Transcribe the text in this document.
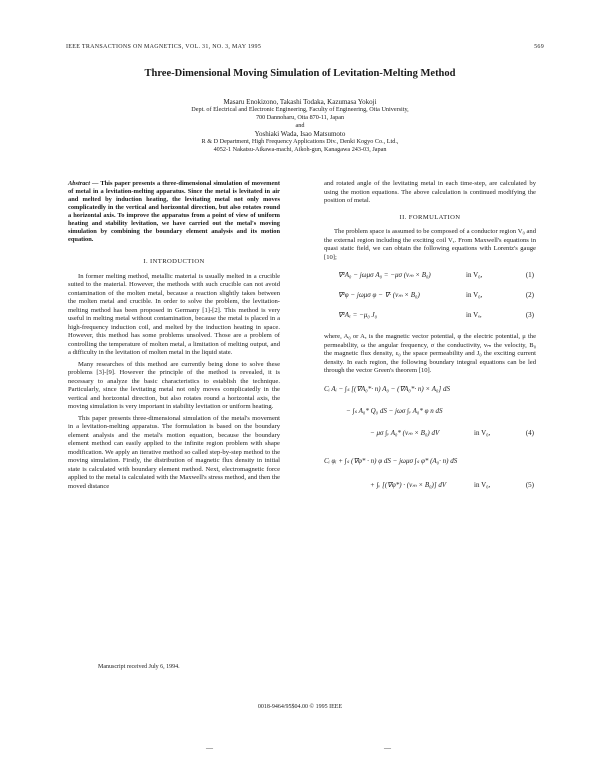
IEEE TRANSACTIONS ON MAGNETICS, VOL. 31, NO. 3, MAY 1995	569
Three-Dimensional Moving Simulation of Levitation-Melting Method
Masaru Enokizono, Takashi Todaka, Kazumasa Yokoji
Dept. of Electrical and Electronic Engineering, Faculty of Engineering, Oita University,
700 Dannoharu, Oita 870-11, Japan
and
Yoshiaki Wada, Isao Matsumoto
R & D Department, High Frequency Applications Div., Denki Kogyo Co., Ltd.,
4052-1 Nakatsu-Aikawa-machi, Aikoh-gun, Kanagawa 243-03, Japan
Abstract — This paper presents a three-dimensional simulation of movement of metal in a levitation-melting apparatus. Since the metal is levitated in air and melted by induction heating, the levitating metal not only moves complicatedly in the vertical and horizontal direction, but also rotates round a horizontal axis. To improve the apparatus from a point of view of uniform heating and stability levitation, we have carried out the metal's moving simulation by combining the boundary element analysis and its motion equation.
I. INTRODUCTION

In former melting method, metallic material is usually melted in a crucible suited to the material. However, the methods with such crucible can not avoid contamination of the molten metal, because a reaction slightly takes between the molten metal and crucible. In order to solve the problem, the levitation-melting method has been proposed in Germany [1]-[2]. This method is very useful in melting metal without contamination, because the metal is placed in a high-frequency induction coil, and melted by the induction heating in space. However, this method has some problems unsolved. Those are a problem of controlling the temperature of molten metal, a limitation of melting output, and a difficulty in the levitation of molten metal in the liquid state.

Many researches of this method are currently being done to solve these problems [3]-[9]. However the principle of the method is revealed, it is necessary to analyze the basic characteristics to establish the technique. Particularly, since the levitating metal not only moves complicatedly in the vertical and horizontal direction, but also rotates round a horizontal axis, the moving simulation is very important in stability levitation or uniform heating.

This paper presents three-dimensional simulation of the metal's movement in a levitation-melting apparatus. The formulation is based on the boundary element analysis and the metal's motion equation, because the boundary element method can easily applied to the infinite region problem with shape modification. We apply an iterative method so called step-by-step method to the moving simulation. Firstly, the distribution of magnetic flux density in initial state is calculated with boundary element method. Next, electromagnetic force applied to the metal is calculated with the Maxwell's stress method, and then the moved distance

and rotated angle of the levitating metal in each time-step, are calculated by using the motion equations. The above calculation is continued modifying the position of metal.

II. FORMULATION

The problem space is assumed to be composed of a conductor region V₀ and the external region including the exciting coil Vₑ. From Maxwell's equations in quasi static field, we can obtain the following equations with Lorentz's gauge [10];

∇²A₀ − jωμσ A₀ = −μσ (vₘ × B₀)	in V₀,	(1)
∇²φ − jωμσ φ − ∇· (vₘ × B₀)	in V₀,	(2)
∇²Aₑ = −μ₀ J₀	in Vₑ,	(3)

where, A₀ or Aₑ is the magnetic vector potential, φ the electric potential, μ the permeability, ω the angular frequency, σ the conductivity, vₘ the velocity, B₀ the magnetic flux density, ε₀ the space permeability and J₀ the exciting current density. In each region, the following boundary integral equations can be led through the vector Green's theorem [10].

Cᵢ Aᵢ − ∫ₛ [(∇A₀*· n) A₀ − (∇A₀*· n) × A₀] dS
− ∫ₛ A₀* Q₀ dS − jωσ ∫ᵥ A₀* φ n dS
− μσ ∫ᵥ A₀* (vₘ × B₀) dV	in V₀,	(4)
Cᵢ φᵢ + ∫ₛ (∇φ* · n) φ dS − jωμσ ∫ₛ φ* (A₀· n) dS
+ ∫ᵥ [(∇φ*) · (vₘ × B₀)] dV	in V₀,	(5)
Manuscript received July 6, 1994.
0018-9464/95$04.00 © 1995 IEEE
—	—
